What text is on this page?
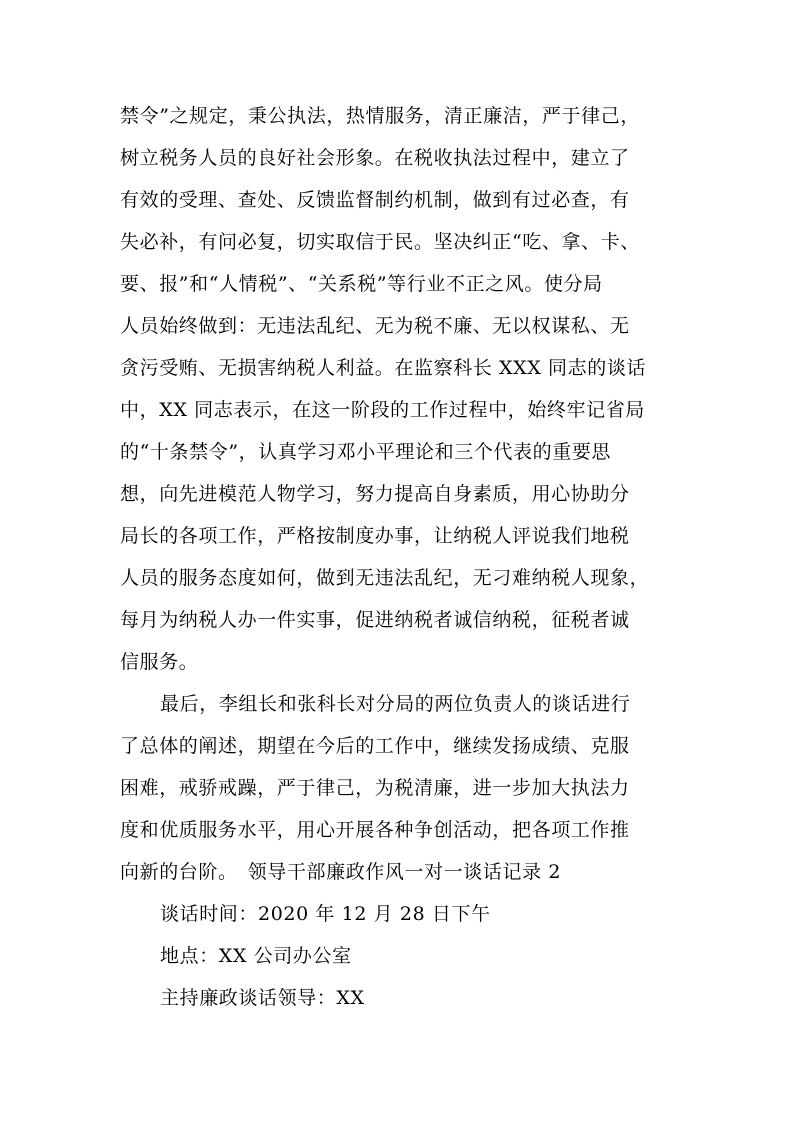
禁令”之规定，秉公执法，热情服务，清正廉洁，严于律己，
树立税务人员的良好社会形象。在税收执法过程中，建立了
有效的受理、查处、反馈监督制约机制，做到有过必查，有
失必补，有问必复，切实取信于民。坚决纠正“吃、拿、卡、
要、报”和“人情税”、“关系税”等行业不正之风。使分局
人员始终做到：无违法乱纪、无为税不廉、无以权谋私、无
贪污受贿、无损害纳税人利益。在监察科长 XXX 同志的谈话
中，XX 同志表示，在这一阶段的工作过程中，始终牢记省局
的“十条禁令”，认真学习邓小平理论和三个代表的重要思
想，向先进模范人物学习，努力提高自身素质，用心协助分
局长的各项工作，严格按制度办事，让纳税人评说我们地税
人员的服务态度如何，做到无违法乱纪，无刁难纳税人现象，
每月为纳税人办一件实事，促进纳税者诚信纳税，征税者诚
信服务。
最后，李组长和张科长对分局的两位负责人的谈话进行
了总体的阐述，期望在今后的工作中，继续发扬成绩、克服
困难，戒骄戒躁，严于律己，为税清廉，进一步加大执法力
度和优质服务水平，用心开展各种争创活动，把各项工作推
向新的台阶。　领导干部廉政作风一对一谈话记录 2
谈话时间：2020 年 12 月 28 日下午
地点：XX 公司办公室
主持廉政谈话领导：XX
